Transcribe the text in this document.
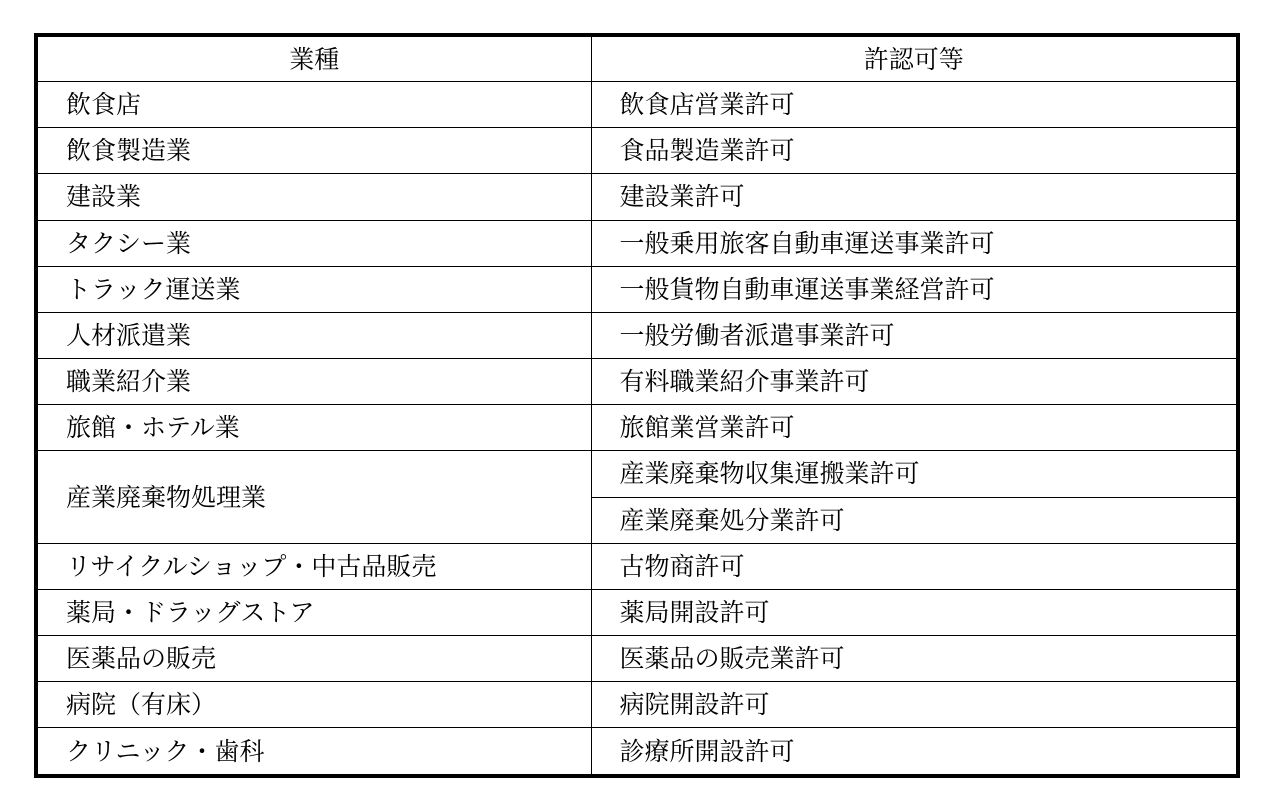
業種	許認可等
飲食店	飲食店営業許可
飲食製造業	食品製造業許可
建設業	建設業許可
タクシー業	一般乗用旅客自動車運送事業許可
トラック運送業	一般貨物自動車運送事業経営許可
人材派遣業	一般労働者派遣事業許可
職業紹介業	有料職業紹介事業許可
旅館・ホテル業	旅館業営業許可
産業廃棄物処理業	産業廃棄物収集運搬業許可
	産業廃棄処分業許可
リサイクルショップ・中古品販売	古物商許可
薬局・ドラッグストア	薬局開設許可
医薬品の販売	医薬品の販売業許可
病院（有床）	病院開設許可
クリニック・歯科	診療所開設許可
